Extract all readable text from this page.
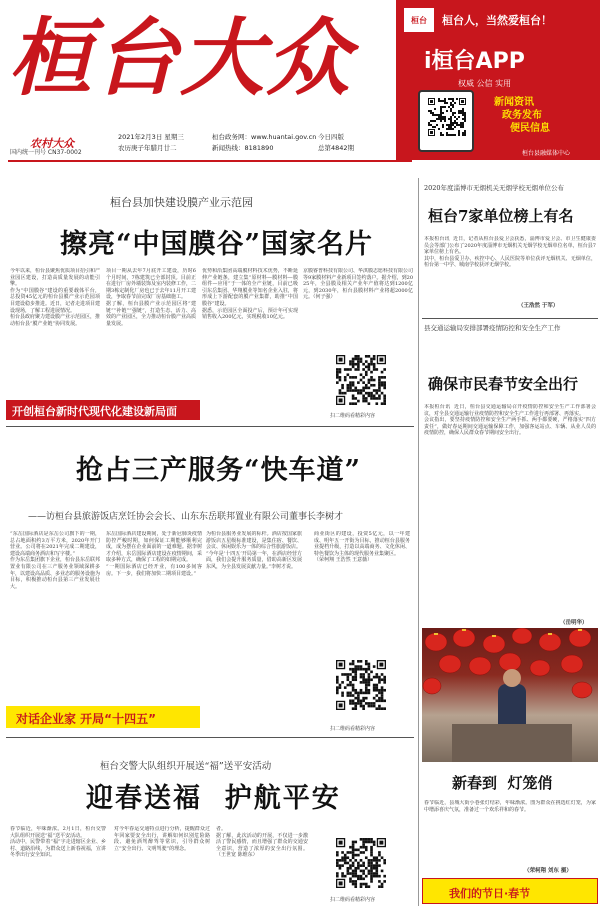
桓台大众
农村大众
国内统一刊号 CN37-0002
2021年2月3日 星期三
农历庚子年腊月廿二
桓台政务网：www.huantai.gov.cn
新闻热线：8181890
今日四版
总第4842期
桓台	桓台人，当然爱桓台！
i桓台APP
权威 公信 实用
新闻资讯
政务发布
便民信息
桓台县融媒体中心
桓台县加快建设膜产业示范园
擦亮“中国膜谷”国家名片
今年以来，桓台县聚焦优质项目招引和产业园区建设，打造高质量发展的动能引擎。
作为“中国膜谷”建设的重要载体平台，总投资45亿元的桓台县膜产业示范园项目建设稳步推进。近日，记者走进项目建设现场，了解工程进展情况。
桓台县政府聚力建设膜产业示范园区，推动桓台县“膜产业链”协同发展。
项目一期从去年7月底开工建设，历时6个月时间，7栋建筑已全部封顶。目前正在进行厂房外墙装饰及室内装修工作，二期3栋定制化厂房也已于去年11月开工建设，争取春节前完成厂房基础施工。
据了解，桓台县膜产业示范园区将“建链”“补链”“强链”，打造生态、活力、高效的产业园区，全力推动桓台膜产业高质量发展。
优势和沿集团高端膜材料技术优势，不断延伸产业链条，建立集“原材料—膜材料—膜组件—应用”于一体的全产业链，目前已吸引东岳集团、华翔膜业等知名企业入驻，将形成上下游配套的膜产业集群，助推“中国膜谷”建设。
据悉，示范园区全面投产后，预计年可实现销售收入200亿元，实现税收10亿元。
京膜睿普科技有限公司、华淇膜志愿科技有限公司等9家膜材料产业新项目签约落户。据介绍，到2025年，全县膜及相关产业年产值将达到1200亿元，到2030年，桓台县膜材料产业将超2000亿元。（何子强）
开创桓台新时代现代化建设新局面	扫二维码看精彩内容
抢占三产服务“快车道”
——访桓台县旅游饭店烹饪协会会长、山东东岳联邦置业有限公司董事长李树才
“东岳国际酒店是东岳公司旗下的一期，总占地面积约3万平方米，2020年开门营业。公司将在2021年完成二期建设，建设高端商务酒店和写字楼。”
作为东岳集团旗下企业，桓台县东岳联邦置业有限公司在三产服务业领域深耕多年，以建设高品质、多业态的服务设施为目标，积极推动桓台县第三产业发展壮大。
东岳国际酒店建设期间，处于新冠肺炎疫情防控严峻时期，如何保证工期能够顺利完成，成为摆在企业面前的一道难题。据李树才介绍，东岳国际酒店建设在疫情期间，采取多种方式，确保了工程的如期完成。
“一期国际酒店已经开业，有100多间客房。下一步，我们将加快二期项目建设。”
为桓台县服务业发展的标杆。酒店按国家旅游饭店五星级标准建设，是集住宿、餐饮、会议、休闲娱乐为一体的综合性旅游饭店。
“今年是‘十四五’开局第一年，在酒店经营方面，我们会提升服务质量，借助高新区发展东风，为全县发展贡献力量。”李树才说。
商业街区的建设，投资5亿元，以一年建成、明年五一开街为目标，推动桓台县服务业提档升级，打造以高端商务、文化休闲、特色餐饮为主体的现代服务业集聚区。
（荣柯翔 王浩然 王意薇）
对话企业家 开局“十四五”
扫二维码看精彩内容
桓台交警大队组织开展送“福”送平安活动
迎春送福  护航平安
春节临近，年味渐浓。2月1日，桓台交警大队组织开展送“福”送平安活动。
活动中，民警带着“福”字走进辖区企业、乡村、道路沿线，为群众送上新春祝福，宣讲冬季出行安全知识。
对今年春运交通特点进行分析，提醒群众过年回家要安全出行，讲解如何识别危险路段、避免酒驾醉驾等常识，引导群众树立“安全出行、文明驾驶”的理念。
者。
据了解，此次活动的开展，不仅进一步激活了警民感情，而且增强了群众的交通安全意识，营造了浓厚的安全出行氛围。（王世宽 陈维东）
扫二维码看精彩内容
2020年度淄博市无烟机关无烟学校无烟单位公布
桓台7家单位榜上有名
本报桓台讯  近日，记者从桓台县爱卫会获悉，淄博市爱卫会、市卫生健康委员会等部门公布了2020年度淄博市无烟机关无烟学校无烟单位名单，桓台县7家单位榜上有名。
其中，桓台县爱卫办、疾控中心、人民医院等单位获评无烟机关、无烟单位，桓台第一中学、城南学校获评无烟学校。
（王浩然 于军）
县交通运输局安排部署疫情防控和安全生产工作
确保市民春节安全出行
本报桓台讯  近日，桓台县交通运输局召开疫情防控和安全生产工作部署会议，对全县交通运输行业疫情防控和安全生产工作进行再部署、再落实。
会议指出，要坚持疫情防控和安全生产两手抓、两手都要硬，严格落实“四方责任”，做好春运期间交通运输保障工作，加强客运站点、车辆、从业人员的疫情防控，确保人民群众春节期间安全出行。
（岳明华）
新春到  灯笼俏
春节临近，县城大街小巷张灯结彩，年味渐浓。图为群众在挑选红灯笼，为家中增添喜庆气氛，准备过一个欢乐祥和的春节。
（荣柯翔 刘东 摄）
我们的节日·春节
